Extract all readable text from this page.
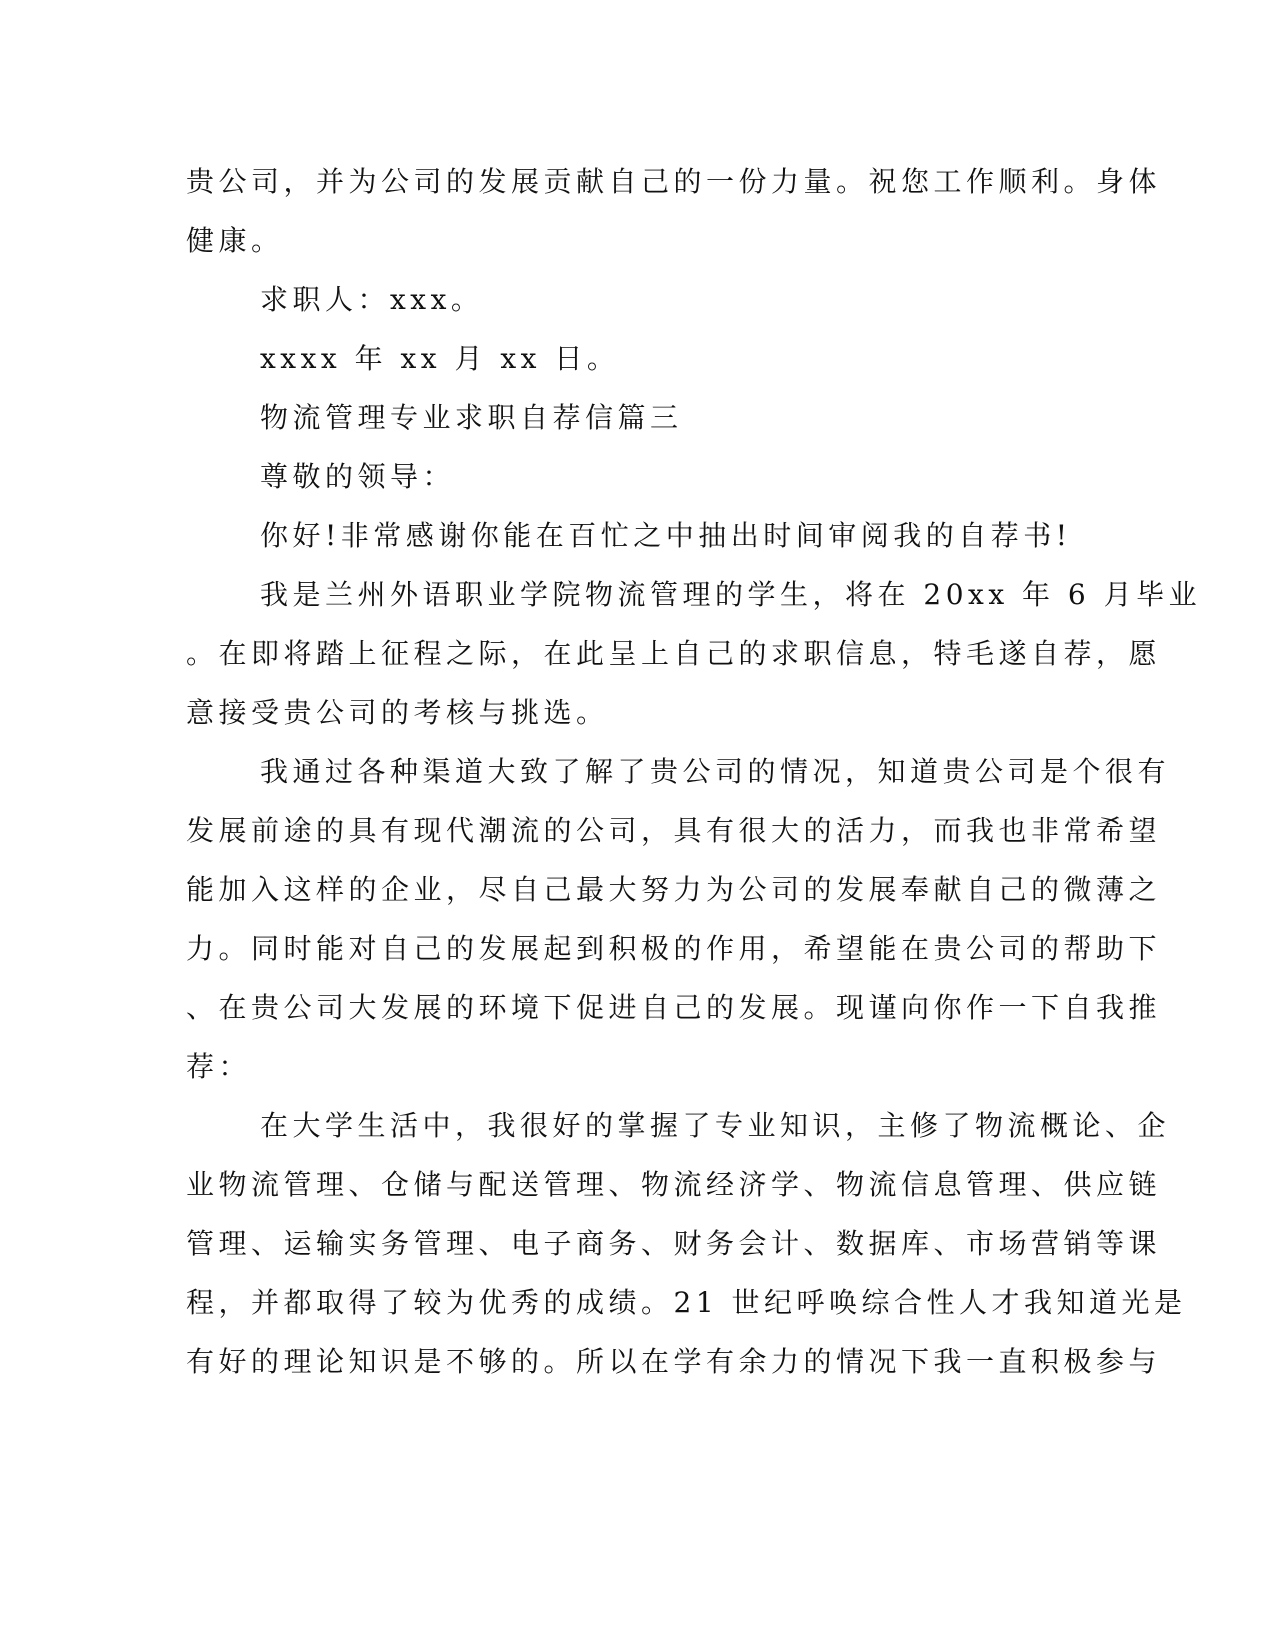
贵公司，并为公司的发展贡献自己的一份力量。祝您工作顺利。身体

健康。

求职人：xxx。

xxxx 年 xx 月 xx 日。

物流管理专业求职自荐信篇三

尊敬的领导：

你好!非常感谢你能在百忙之中抽出时间审阅我的自荐书!

我是兰州外语职业学院物流管理的学生，将在 20xx 年 6 月毕业

。在即将踏上征程之际，在此呈上自己的求职信息，特毛遂自荐，愿

意接受贵公司的考核与挑选。

我通过各种渠道大致了解了贵公司的情况，知道贵公司是个很有

发展前途的具有现代潮流的公司，具有很大的活力，而我也非常希望

能加入这样的企业，尽自己最大努力为公司的发展奉献自己的微薄之

力。同时能对自己的发展起到积极的作用，希望能在贵公司的帮助下

、在贵公司大发展的环境下促进自己的发展。现谨向你作一下自我推

荐：

在大学生活中，我很好的掌握了专业知识，主修了物流概论、企

业物流管理、仓储与配送管理、物流经济学、物流信息管理、供应链

管理、运输实务管理、电子商务、财务会计、数据库、市场营销等课

程，并都取得了较为优秀的成绩。21 世纪呼唤综合性人才我知道光是

有好的理论知识是不够的。所以在学有余力的情况下我一直积极参与
